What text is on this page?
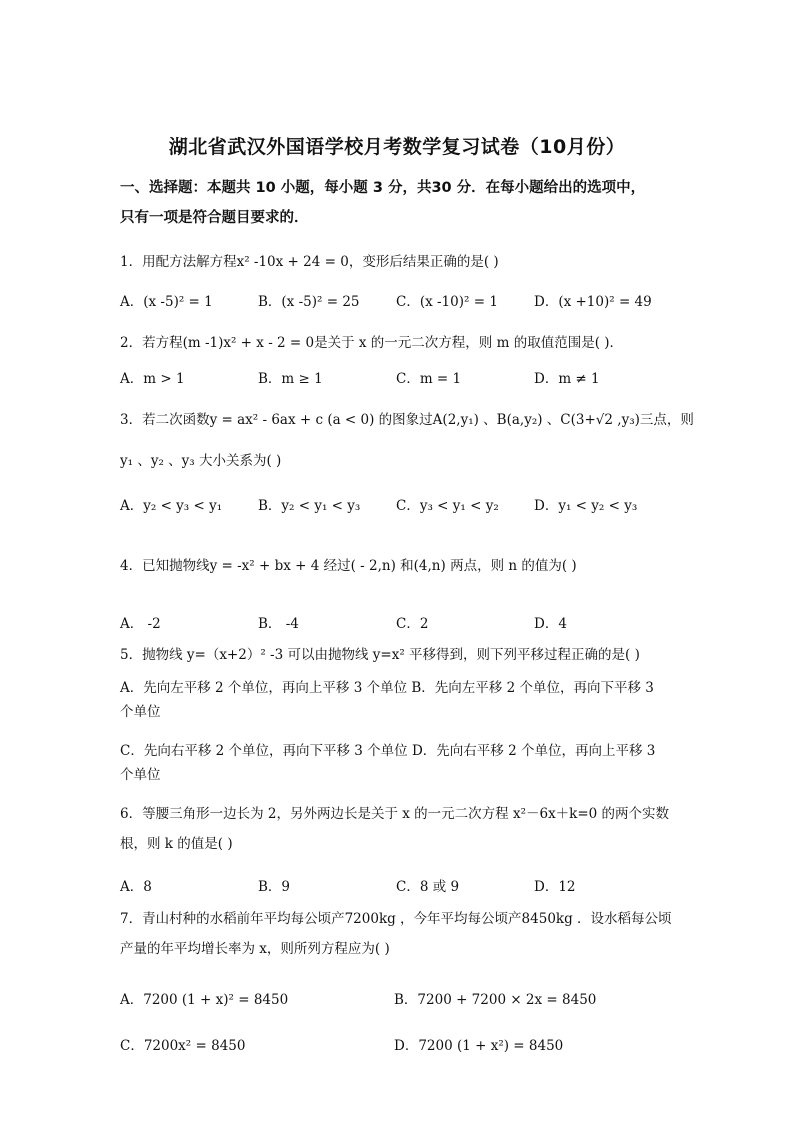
湖北省武汉外国语学校月考数学复习试卷（10月份）
一、选择题：本题共 10 小题，每小题 3 分，共30 分．在每小题给出的选项中，
只有一项是符合题目要求的．
1．用配方法解方程x² -10x + 24 = 0，变形后结果正确的是( )
A．(x -5)² = 1	B．(x -5)² = 25	C．(x -10)² = 1	D．(x +10)² = 49
2．若方程(m -1)x² + x - 2 = 0是关于 x 的一元二次方程，则 m 的取值范围是( )．
A．m > 1	B．m ≥ 1	C．m = 1	D．m ≠ 1
3．若二次函数y = ax² - 6ax + c (a < 0) 的图象过A(2,y₁) 、B(a,y₂) 、C(3+√2 ,y₃)三点，则
y₁ 、y₂ 、y₃ 大小关系为( )
A．y₂ < y₃ < y₁	B．y₂ < y₁ < y₃	C．y₃ < y₁ < y₂	D．y₁ < y₂ < y₃
4．已知抛物线y = -x² + bx + 4 经过( - 2,n) 和(4,n) 两点，则 n 的值为( )
A． -2	B． -4	C．2	D．4
5．抛物线 y=（x+2）² -3 可以由抛物线 y=x² 平移得到，则下列平移过程正确的是( )
A．先向左平移 2 个单位，再向上平移 3 个单位 B．先向左平移 2 个单位，再向下平移 3
个单位
C．先向右平移 2 个单位，再向下平移 3 个单位 D．先向右平移 2 个单位，再向上平移 3
个单位
6．等腰三角形一边长为 2，另外两边长是关于 x 的一元二次方程 x²－6x＋k=0 的两个实数
根，则 k 的值是( )
A．8	B．9	C．8 或 9	D．12
7．青山村种的水稻前年平均每公顷产7200kg ，今年平均每公顷产8450kg ．设水稻每公顷
产量的年平均增长率为 x，则所列方程应为( )
A．7200 (1 + x)² = 8450	B．7200 + 7200 × 2x = 8450
C．7200x² = 8450	D．7200 (1 + x²) = 8450
